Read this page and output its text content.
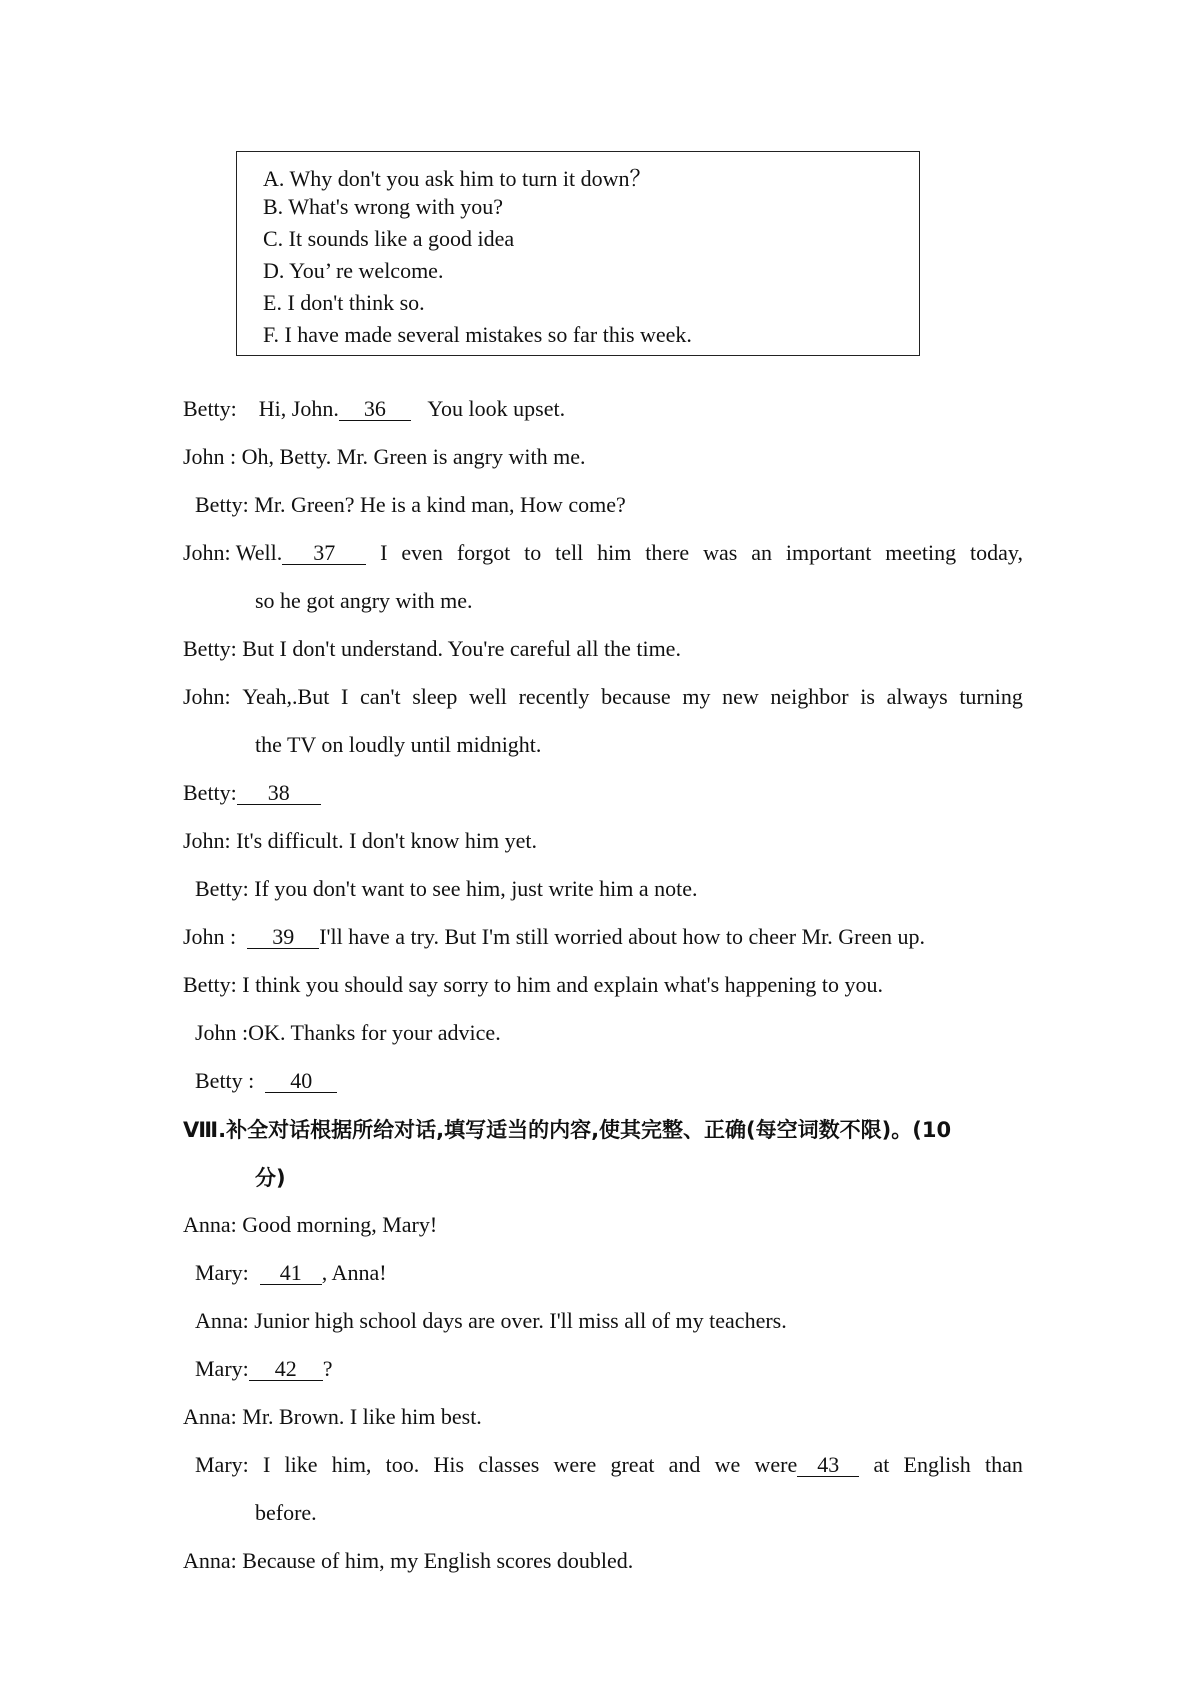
A. Why don't you ask him to turn it down？
B. What's wrong with you?
C. It sounds like a good idea
D. You’ re welcome.
E. I don't think so.
F. I have made several mistakes so far this week.
Betty: Hi, John. 36 You look upset.
John : Oh, Betty. Mr. Green is angry with me.
Betty: Mr. Green? He is a kind man, How come?
John: Well. 37	I even forgot to tell him there was an important meeting today,
so he got angry with me.
Betty: But I don't understand. You're careful all the time.
John: Yeah,.But I can't sleep well recently because my new neighbor is always turning
the TV on loudly until midnight.
Betty: 38
John: It's difficult. I don't know him yet.
Betty: If you don't want to see him, just write him a note.
John : 39 I'll have a try. But I'm still worried about how to cheer Mr. Green up.
Betty: I think you should say sorry to him and explain what's happening to you.
John :OK. Thanks for your advice.
Betty : 40
Ⅷ.补全对话根据所给对话,填写适当的内容,使其完整、正确(每空词数不限)。(10
分)
Anna: Good morning, Mary!
Mary: 41 , Anna!
Anna: Junior high school days are over. I'll miss all of my teachers.
Mary: 42 ?
Anna: Mr. Brown. I like him best.
Mary: I like him, too. His classes were great and we were 43	at English than
before.
Anna: Because of him, my English scores doubled.
